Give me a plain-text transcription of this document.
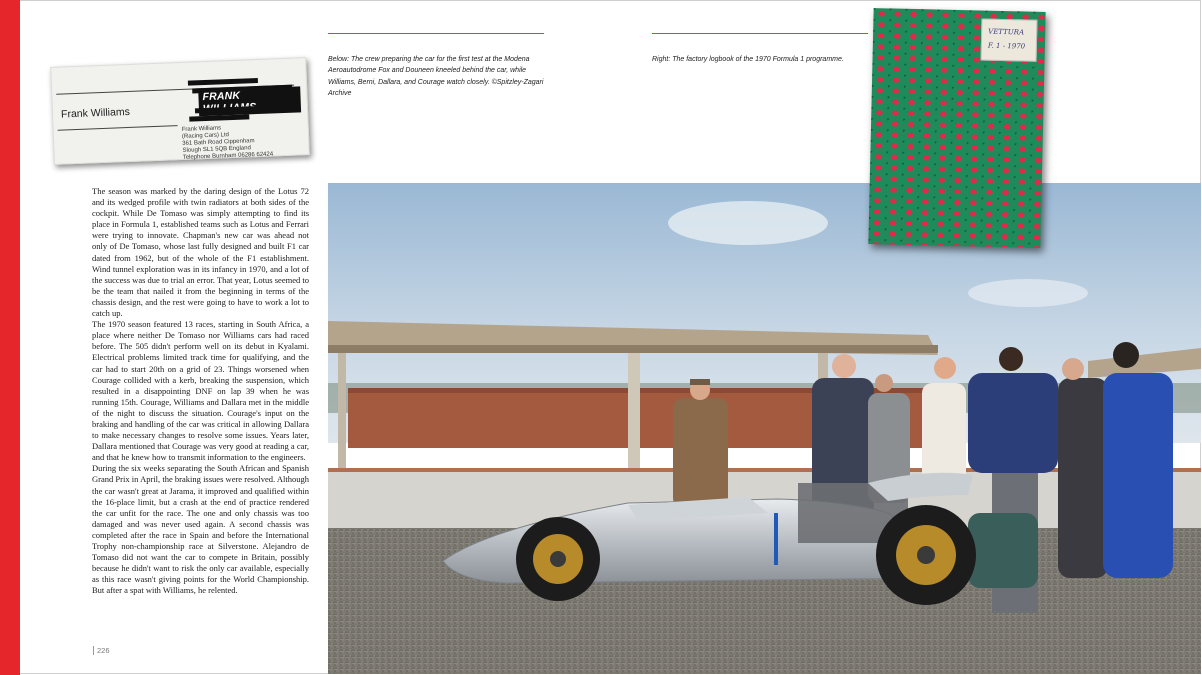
Frank Williams
FRANK
Frank Williams
(Racing Cars) Ltd
361 Bath Road Cippenham
Slough SL1 5QB England
Telephone Burnham 06286 62424
Below: The crew preparing the car for the first test at the Modena Aeroautodrome Fox and Douneen kneeled behind the car, while Williams, Berni, Dallara, and Courage watch closely. ©Spitzley-Zagari Archive
Right: The factory logbook of the 1970 Formula 1 programme.

The season was marked by the daring design of the Lotus 72 and its wedged profile with twin radiators at both sides of the cockpit. While De Tomaso was simply attempting to find its place in Formula 1, established teams such as Lotus and Ferrari were trying to innovate. Chapman's new car was ahead not only of De Tomaso, whose last fully designed and built F1 car dated from 1962, but of the whole of the F1 establishment. Wind tunnel exploration was in its infancy in 1970, and a lot of the success was due to trial an error. That year, Lotus seemed to be the team that nailed it from the beginning in terms of the chassis design, and the rest were going to have to work a lot to catch up.

The 1970 season featured 13 races, starting in South Africa, a place where neither De Tomaso nor Williams cars had raced before. The 505 didn't perform well on its debut in Kyalami. Electrical problems limited track time for qualifying, and the car had to start 20th on a grid of 23. Things worsened when Courage collided with a kerb, breaking the suspension, which resulted in a disappointing DNF on lap 39 when he was running 15th. Courage, Williams and Dallara met in the middle of the night to discuss the situation. Courage's input on the braking and handling of the car was critical in allowing Dallara to make necessary changes to resolve some issues. Years later, Dallara mentioned that Courage was very good at reading a car, and that he knew how to transmit information to the engineers.

During the six weeks separating the South African and Spanish Grand Prix in April, the braking issues were resolved. Although the car wasn't great at Jarama, it improved and qualified within the 16-place limit, but a crash at the end of practice rendered the car unfit for the race. The one and only chassis was too damaged and was never used again. A second chassis was completed after the race in Spain and before the International Trophy non-championship race at Silverstone. Alejandro de Tomaso did not want the car to compete in Britain, possibly because he didn't want to risk the only car available, especially as this race wasn't giving points for the World Championship. But after a spat with Williams, he relented.

226
VETTURA
F. 1 - 1970
